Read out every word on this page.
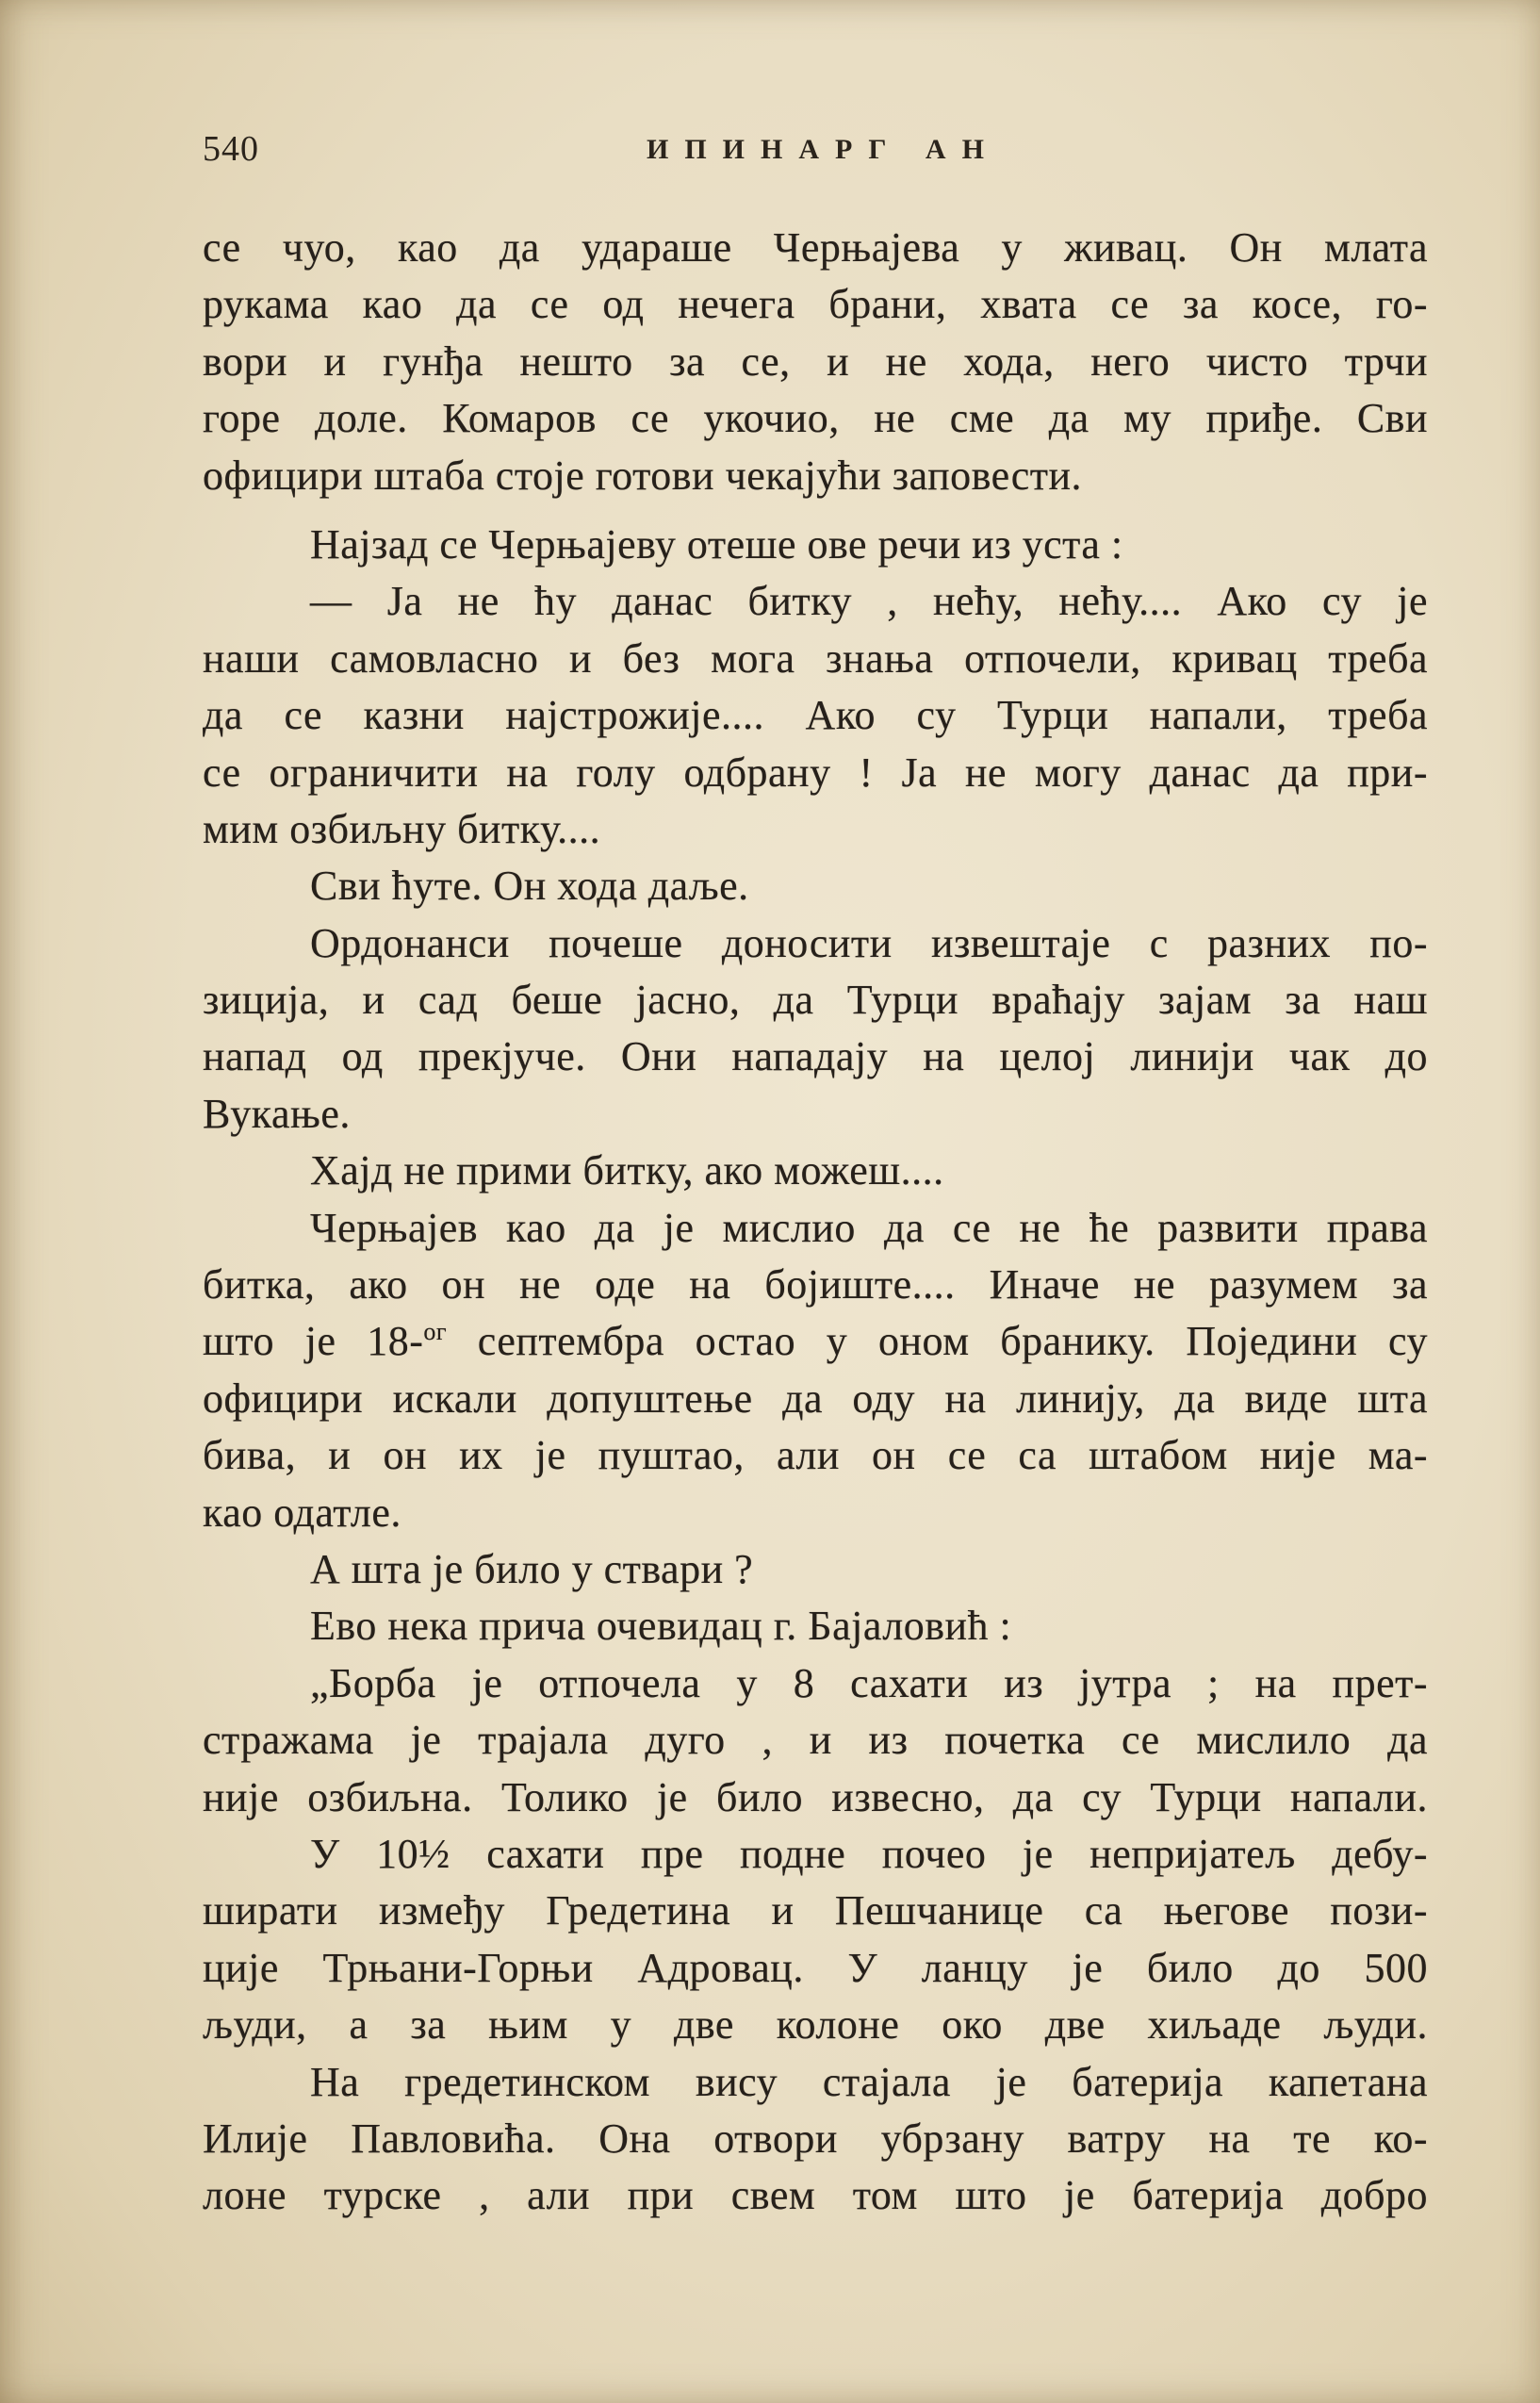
540	ИПИНАРГ АН
се чуо, као да удараше Черњајева у живац. Он млата
рукама као да се од нечега брани, хвата се за косе, го-
вори и гунђа нешто за се, и не хода, него чисто трчи
горе доле. Комаров се укочио, не сме да му приђе. Сви
официри штаба стоје готови чекајући заповести.
Најзад се Черњајеву отеше ове речи из уста :
— Ја не ћу данас битку , нећу, нећу.... Ако су је
наши самовласно и без мога знања отпочели, кривац треба
да се казни најстрожије.... Ако су Турци напали, треба
се ограничити на голу одбрану ! Ја не могу данас да при-
мим озбиљну битку....
Сви ћуте. Он хода даље.
Ордонанси почеше доносити извештаје с разних по-
зиција, и сад беше јасно, да Турци враћају зајам за наш
напад од прекјуче. Они нападају на целој линији чак до
Вукање.
Хајд не прими битку, ако можеш....
Черњајев као да је мислио да се не ће развити права
битка, ако он не оде на бојиште.... Иначе не разумем за
што је 18-$^{ог}$ септембра остао у оном бранику. Поједини су
официри искали допуштење да оду на линију, да виде шта
бива, и он их је пуштао, али он се са штабом није ма-
као одатле.
А шта је било у ствари ?
Ево нека прича очевидац г. Бајаловић :
„Борба је отпочела у 8 сахати из јутра ; на прет-
стражама је трајала дуго , и из почетка се мислило да
није озбиљна. Толико је било извесно, да су Турци напали.
У 10½ сахати пре подне почео је непријатељ дебу-
ширати између Гредетина и Пешчанице са његове пози-
ције Трњани-Горњи Адровац. У ланцу је било до 500
људи, а за њим у две колоне око две хиљаде људи.
На гредетинском вису стајала је батерија капетана
Илије Павловића. Она отвори убрзану ватру на те ко-
лоне турске , али при свем том што је батерија добро
